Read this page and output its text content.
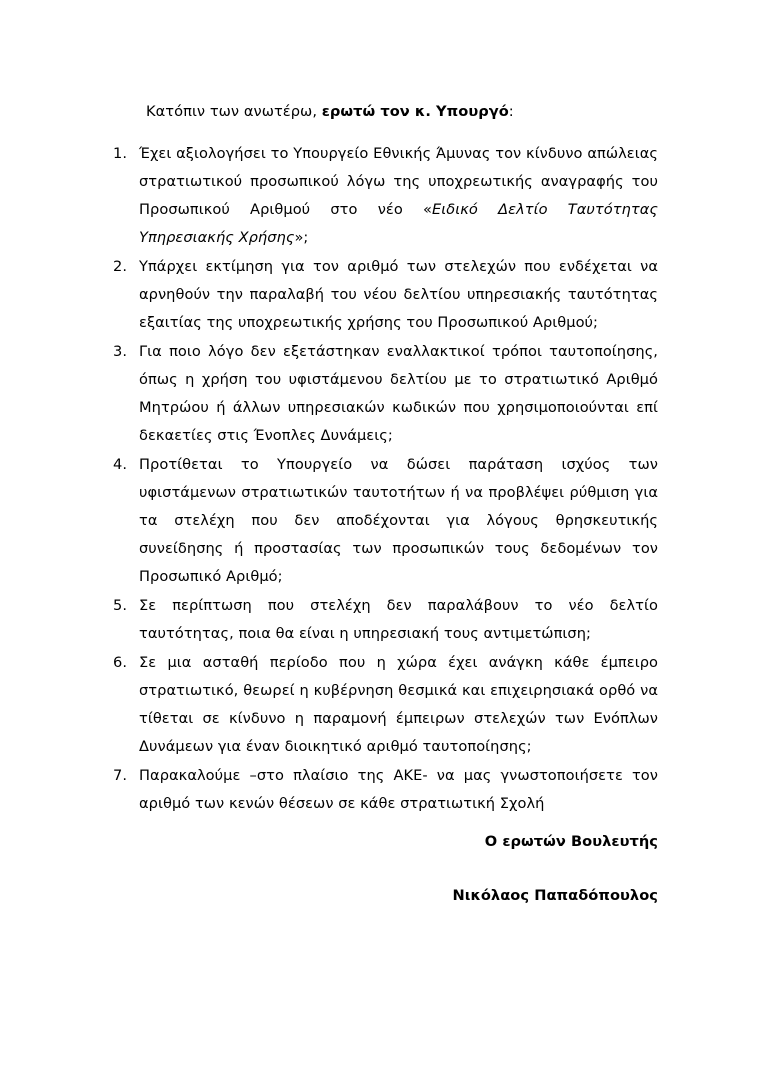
Κατόπιν των ανωτέρω, ερωτώ τον κ. Υπουργό:

1. Έχει αξιολογήσει το Υπουργείο Εθνικής Άμυνας τον κίνδυνο απώλειας στρατιωτικού προσωπικού λόγω της υποχρεωτικής αναγραφής του Προσωπικού Αριθμού στο νέο «Ειδικό Δελτίο Ταυτότητας Υπηρεσιακής Χρήσης»;
2. Υπάρχει εκτίμηση για τον αριθμό των στελεχών που ενδέχεται να αρνηθούν την παραλαβή του νέου δελτίου υπηρεσιακής ταυτότητας εξαιτίας της υποχρεωτικής χρήσης του Προσωπικού Αριθμού;
3. Για ποιο λόγο δεν εξετάστηκαν εναλλακτικοί τρόποι ταυτοποίησης, όπως η χρήση του υφιστάμενου δελτίου με το στρατιωτικό Αριθμό Μητρώου ή άλλων υπηρεσιακών κωδικών που χρησιμοποιούνται επί δεκαετίες στις Ένοπλες Δυνάμεις;
4. Προτίθεται το Υπουργείο να δώσει παράταση ισχύος των υφιστάμενων στρατιωτικών ταυτοτήτων ή να προβλέψει ρύθμιση για τα στελέχη που δεν αποδέχονται για λόγους θρησκευτικής συνείδησης ή προστασίας των προσωπικών τους δεδομένων τον Προσωπικό Αριθμό;
5. Σε περίπτωση που στελέχη δεν παραλάβουν το νέο δελτίο ταυτότητας, ποια θα είναι η υπηρεσιακή τους αντιμετώπιση;
6. Σε μια ασταθή περίοδο που η χώρα έχει ανάγκη κάθε έμπειρο στρατιωτικό, θεωρεί η κυβέρνηση θεσμικά και επιχειρησιακά ορθό να τίθεται σε κίνδυνο η παραμονή έμπειρων στελεχών των Ενόπλων Δυνάμεων για έναν διοικητικό αριθμό ταυτοποίησης;
7. Παρακαλούμε –στο πλαίσιο της ΑΚΕ- να μας γνωστοποιήσετε τον αριθμό των κενών θέσεων σε κάθε στρατιωτική Σχολή
Ο ερωτών Βουλευτής
Νικόλαος Παπαδόπουλος
